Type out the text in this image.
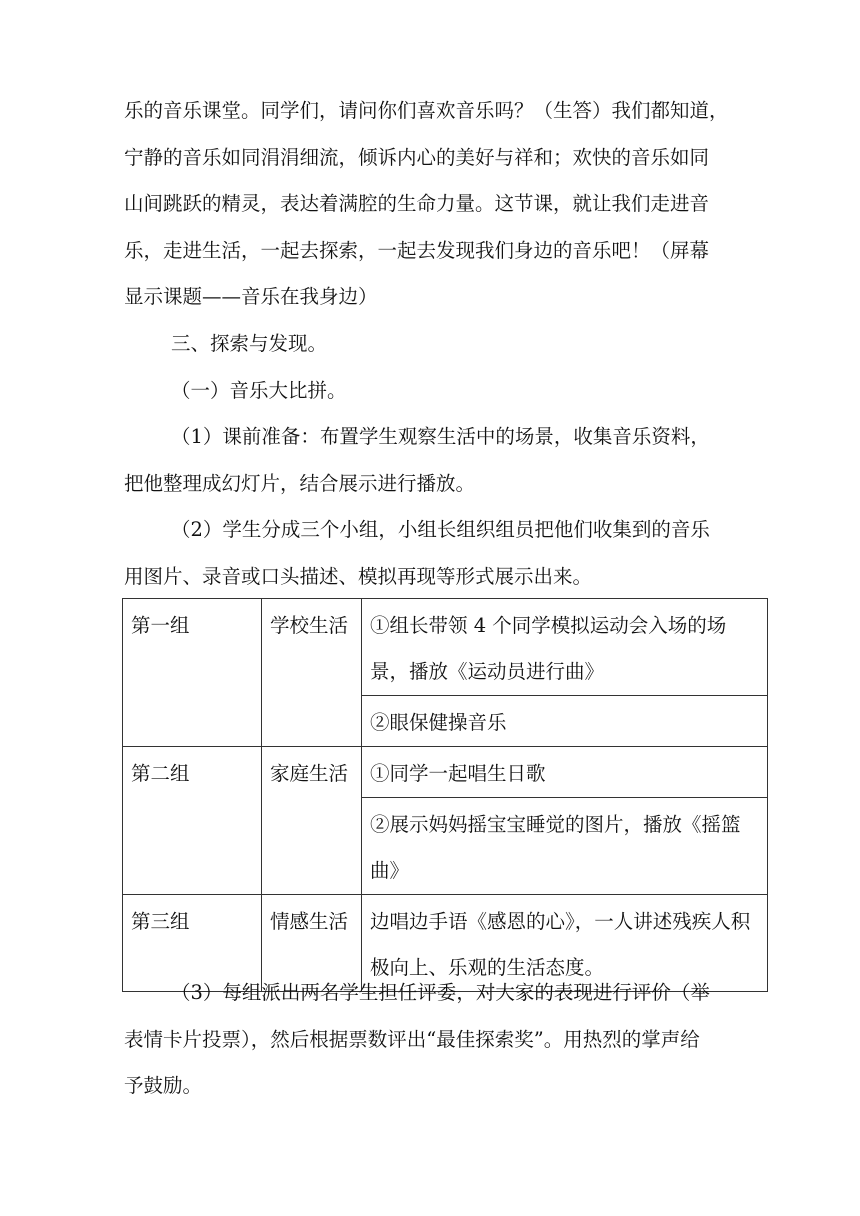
乐的音乐课堂。同学们，请问你们喜欢音乐吗？（生答）我们都知道，
宁静的音乐如同涓涓细流，倾诉内心的美好与祥和；欢快的音乐如同
山间跳跃的精灵，表达着满腔的生命力量。这节课，就让我们走进音
乐，走进生活，一起去探索，一起去发现我们身边的音乐吧！（屏幕
显示课题——音乐在我身边）

三、探索与发现。

（一）音乐大比拼。

（1）课前准备：布置学生观察生活中的场景，收集音乐资料，
把他整理成幻灯片，结合展示进行播放。

（2）学生分成三个小组，小组长组织组员把他们收集到的音乐
用图片、录音或口头描述、模拟再现等形式展示出来。

第一组	学校生活	①组长带领 4 个同学模拟运动会入场的场
景，播放《运动员进行曲》

		②眼保健操音乐

第二组	家庭生活	①同学一起唱生日歌

		②展示妈妈摇宝宝睡觉的图片，播放《摇篮
曲》

第三组	情感生活	边唱边手语《感恩的心》，一人讲述残疾人积
极向上、乐观的生活态度。

（3）每组派出两名学生担任评委，对大家的表现进行评价（举
表情卡片投票），然后根据票数评出“最佳探索奖”。用热烈的掌声给
予鼓励。
